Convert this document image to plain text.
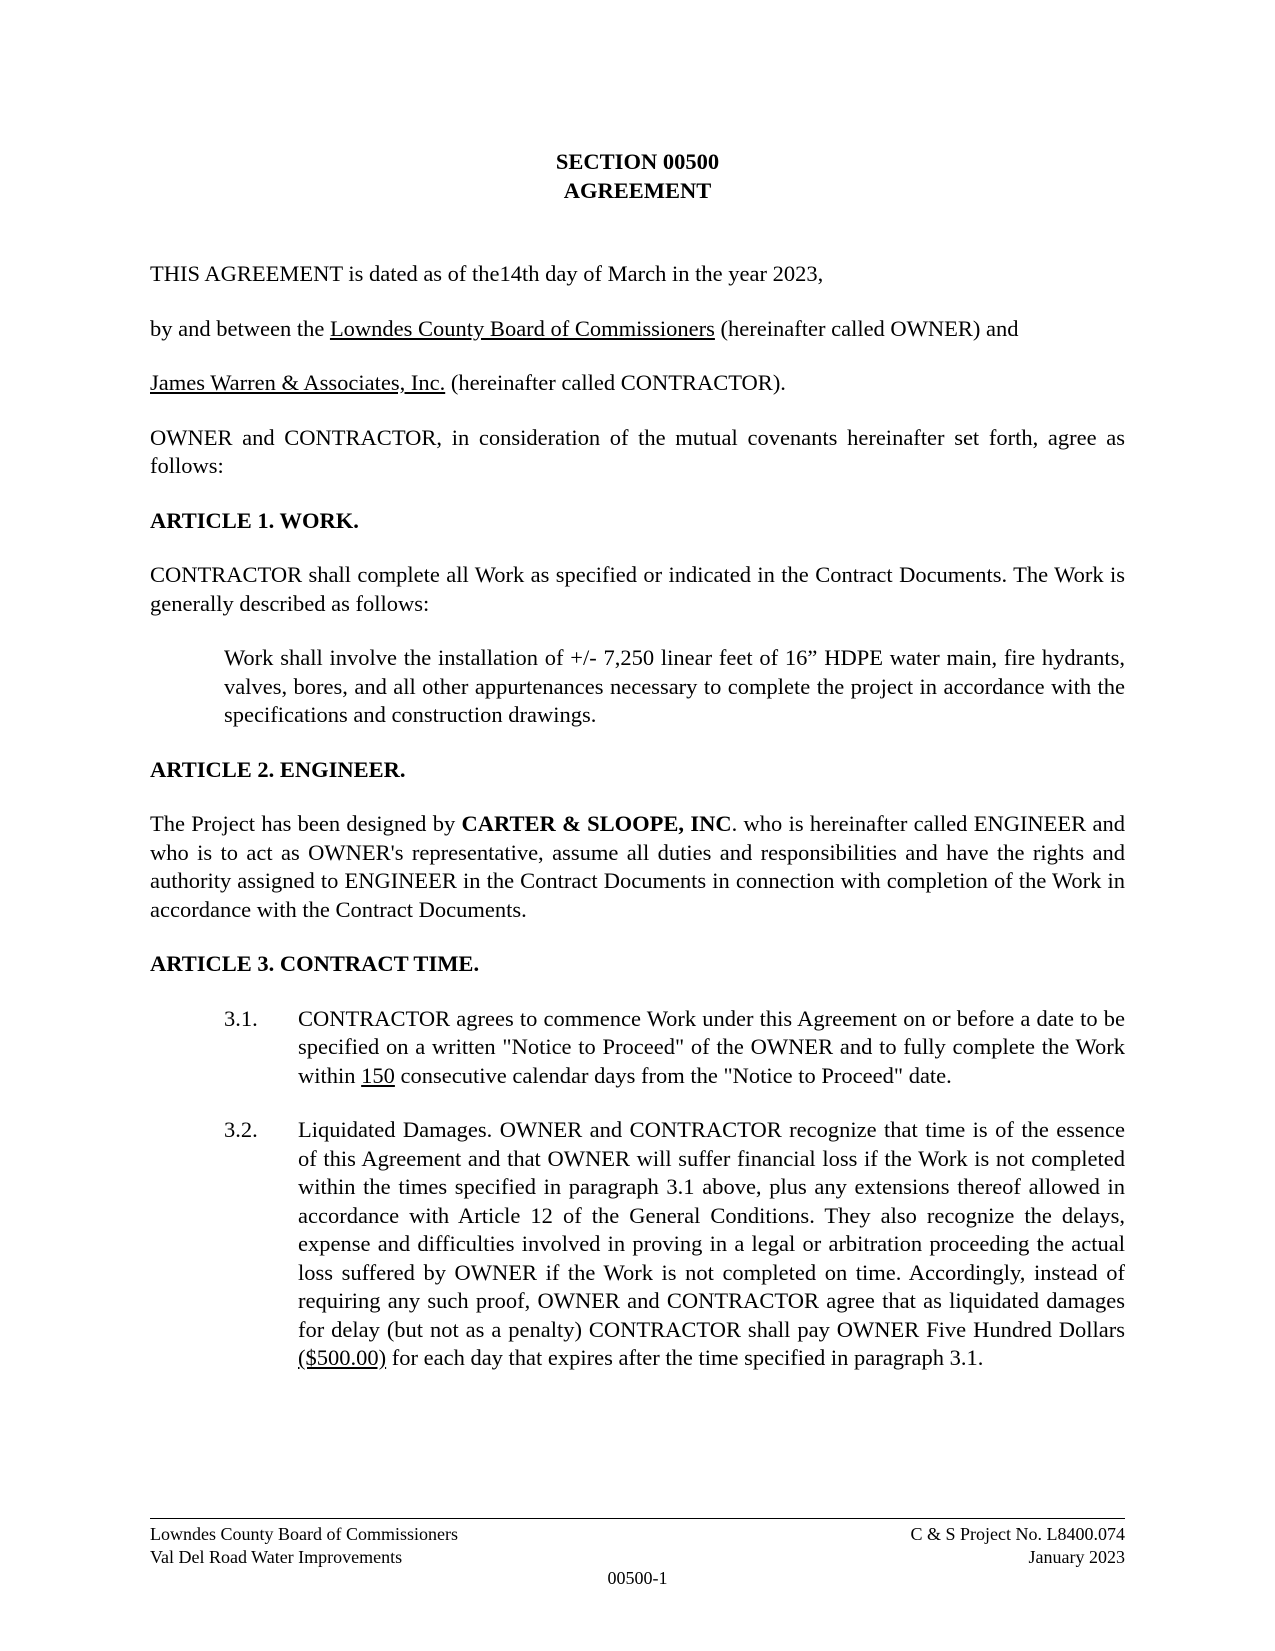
SECTION 00500
AGREEMENT

THIS AGREEMENT is dated as of the14th day of March in the year 2023,

by and between the Lowndes County Board of Commissioners (hereinafter called OWNER) and

James Warren & Associates, Inc. (hereinafter called CONTRACTOR).

OWNER and CONTRACTOR, in consideration of the mutual covenants hereinafter set forth, agree as follows:

ARTICLE 1. WORK.

CONTRACTOR shall complete all Work as specified or indicated in the Contract Documents. The Work is generally described as follows:

Work shall involve the installation of +/- 7,250 linear feet of 16” HDPE water main, fire hydrants, valves, bores, and all other appurtenances necessary to complete the project in accordance with the specifications and construction drawings.

ARTICLE 2. ENGINEER.

The Project has been designed by CARTER & SLOOPE, INC. who is hereinafter called ENGINEER and who is to act as OWNER's representative, assume all duties and responsibilities and have the rights and authority assigned to ENGINEER in the Contract Documents in connection with completion of the Work in accordance with the Contract Documents.

ARTICLE 3. CONTRACT TIME.
3.1.	CONTRACTOR agrees to commence Work under this Agreement on or before a date to be specified on a written "Notice to Proceed" of the OWNER and to fully complete the Work within 150 consecutive calendar days from the "Notice to Proceed" date.
3.2.	Liquidated Damages. OWNER and CONTRACTOR recognize that time is of the essence of this Agreement and that OWNER will suffer financial loss if the Work is not completed within the times specified in paragraph 3.1 above, plus any extensions thereof allowed in accordance with Article 12 of the General Conditions. They also recognize the delays, expense and difficulties involved in proving in a legal or arbitration proceeding the actual loss suffered by OWNER if the Work is not completed on time. Accordingly, instead of requiring any such proof, OWNER and CONTRACTOR agree that as liquidated damages for delay (but not as a penalty) CONTRACTOR shall pay OWNER Five Hundred Dollars ($500.00) for each day that expires after the time specified in paragraph 3.1.
Lowndes County Board of Commissioners	C & S Project No. L8400.074
Val Del Road Water Improvements	January 2023
00500-1
